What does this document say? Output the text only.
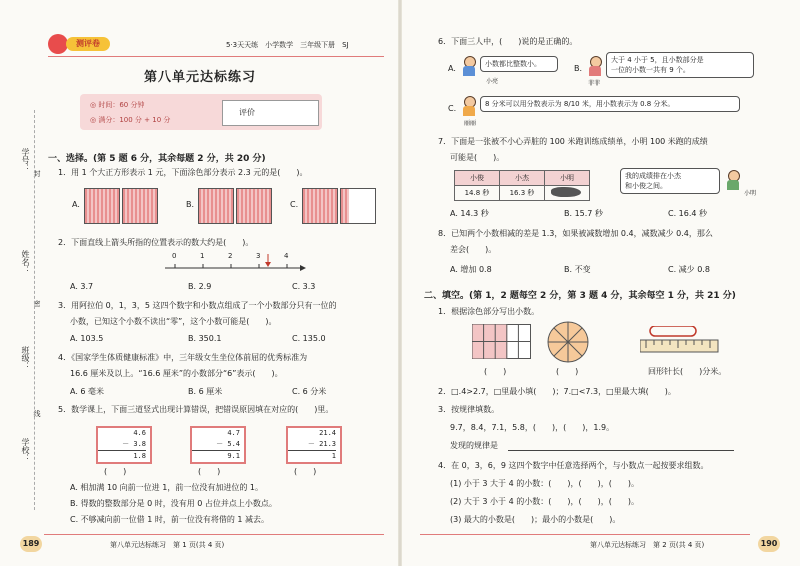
测评卷	5·3天天练　小学数学　三年级下册　SJ
第八单元达标练习
◎ 时间：60 分钟
◎ 满分：100 分 + 10 分
评价
学号：
姓名：
班级：
学校：
封
密
线
一、选择。(第 5 题 6 分，其余每题 2 分，共 20 分)
1．用 1 个大正方形表示 1 元，下面涂色部分表示 2.3 元的是(　　)。
A.	B.	C.
2．下面直线上箭头所指的位置表示的数大约是(　　)。
0	1	2	3	4
A. 3.7	B. 2.9	C. 3.3
3．用阿拉伯 0，1，3，5 这四个数字和小数点组成了一个小数部分只有一位的
小数，已知这个小数不读出“零”，这个小数可能是(　　)。
A. 103.5	B. 350.1	C. 135.0
4．《国家学生体质健康标准》中，三年级女生坐位体前屈的优秀标准为
16.6 厘米及以上。“16.6 厘米”的小数部分“6”表示(　　)。
A. 6 毫米	B. 6 厘米	C. 6 分米
5．数学课上，下面三道竖式出现计算错误，把错误原因填在对应的(　　)里。
4.6
－ 3.8
1.8
(　　)
4.7
－ 5.4
9.1
(　　)
21.4
－ 21.3
1
(　　)
A. 相加满 10 向前一位进 1，前一位没有加进位的 1。
B. 得数的整数部分是 0 时，没有用 0 占位并点上小数点。
C. 不够减向前一位借 1 时，前一位没有将借的 1 减去。
189	第八单元达标练习　第 1 页(共 4 页)
6．下面三人中，(　　)说的是正确的。
A.	小数都比整数小。
小亮
B.
大于 4 小于 5，且小数部分是
一位的小数一共有 9 个。
菲菲
C.	8 分米可以用分数表示为 8/10 米，用小数表示为 0.8 分米。
丽丽
7．下面是一张被不小心弄脏的 100 米跑训练成绩单，小明 100 米跑的成绩
可能是(　　)。
小俊	小杰	小明
14.8 秒	16.3 秒	
我的成绩排在小杰
和小俊之间。
小明
A. 14.3 秒	B. 15.7 秒	C. 16.4 秒
8．已知两个小数相减的差是 1.3，如果被减数增加 0.4，减数减少 0.4，那么
差会(　　)。
A. 增加 0.8	B. 不变	C. 减少 0.8
二、填空。(第 1，2 题每空 2 分，第 3 题 4 分，其余每空 1 分，共 21 分)
1．根据涂色部分写出小数。
(　　)	(　　)	回形针长(　　)分米。
2．□.4>2.7，□里最小填(　　)；7.□<7.3，□里最大填(　　)。
3．按规律填数。
9.7，8.4，7.1，5.8，(　　)，(　　)，1.9。
发现的规律是
4．在 0，3，6，9 这四个数字中任意选择两个，与小数点一起按要求组数。
(1) 小于 3 大于 4 的小数：(　　)，(　　)，(　　)。
(2) 大于 3 小于 4 的小数：(　　)，(　　)，(　　)。
(3) 最大的小数是(　　)；最小的小数是(　　)。
第八单元达标练习　第 2 页(共 4 页)	190
